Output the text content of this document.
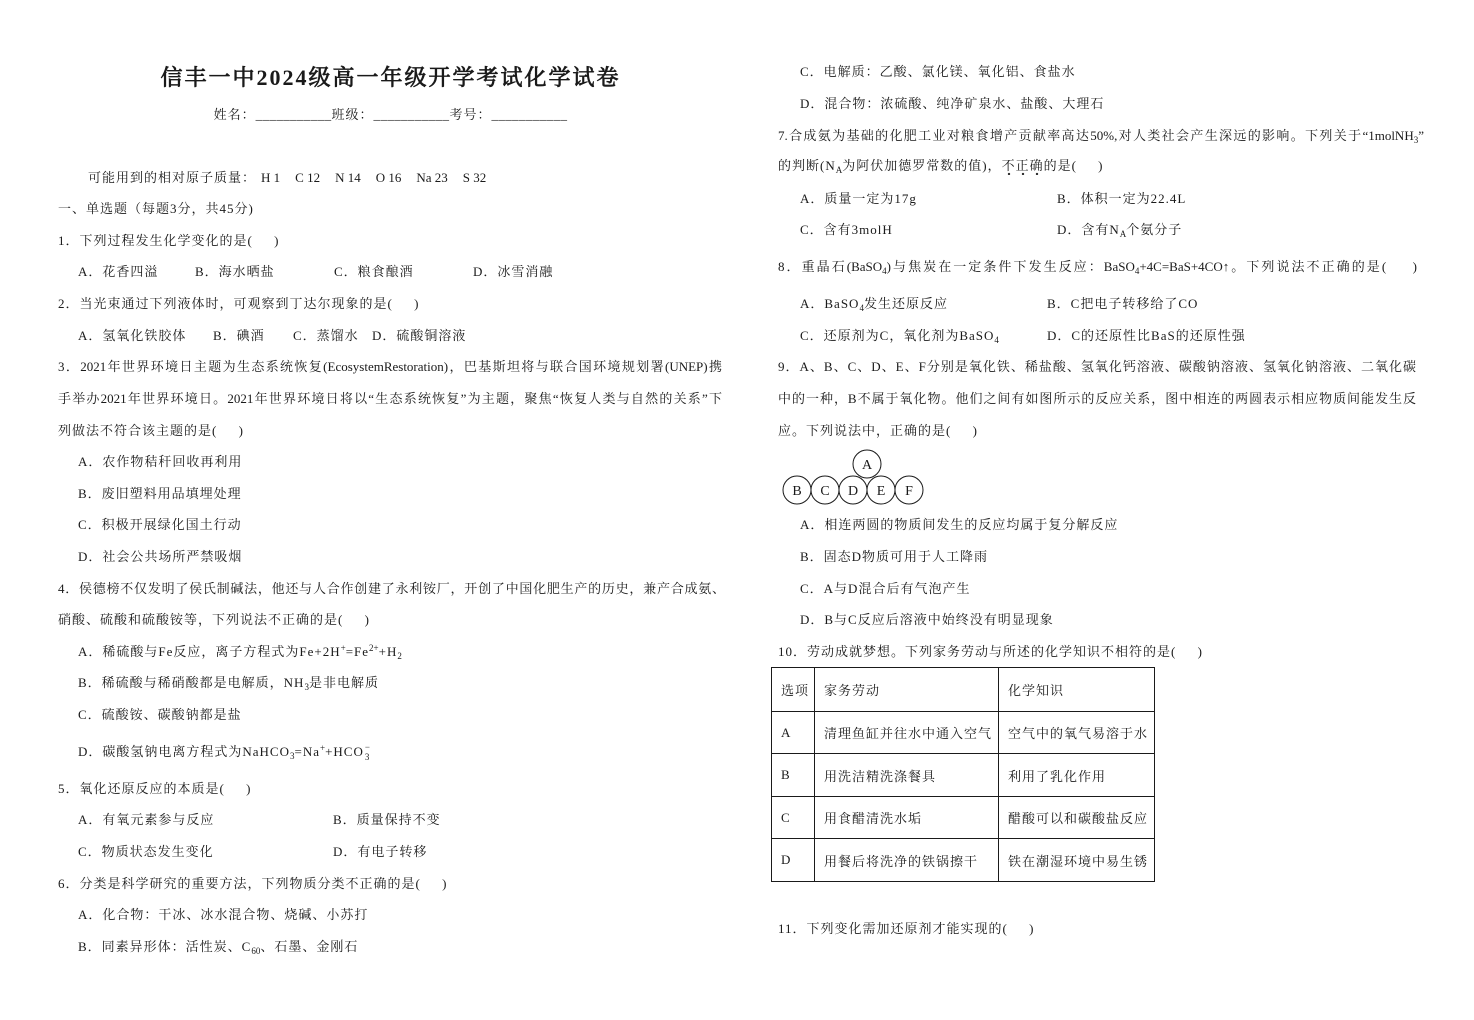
信丰一中2024级高一年级开学考试化学试卷
姓名：___________班级：___________考号：___________
可能用到的相对原子质量： H 1 C 12 N 14 O 16 Na 23 S 32
一、单选题（每题3分，共45分)
1．下列过程发生化学变化的是(     )
A．花香四溢	B．海水晒盐	C．粮食酿酒	D．冰雪消融
2．当光束通过下列液体时，可观察到丁达尔现象的是(     )
A．氢氧化铁胶体 B．碘酒 C．蒸馏水 D．硫酸铜溶液
3．2021年世界环境日主题为生态系统恢复(EcosystemRestoration)，巴基斯坦将与联合国环境规划署(UNEP)携
手举办2021年世界环境日。2021年世界环境日将以“生态系统恢复”为主题，聚焦“恢复人类与自然的关系”下
列做法不符合该主题的是(     )
A．农作物秸秆回收再利用
B．废旧塑料用品填埋处理
C．积极开展绿化国土行动
D．社会公共场所严禁吸烟
4．侯德榜不仅发明了侯氏制碱法，他还与人合作创建了永利铵厂，开创了中国化肥生产的历史，兼产合成氨、
硝酸、硫酸和硫酸铵等，下列说法不正确的是(     )
A．稀硫酸与Fe反应，离子方程式为$Fe+2H^+=Fe^{2+}+H_2$
B．稀硫酸与稀硝酸都是电解质，$NH_3$是非电解质
C．硫酸铵、碳酸钠都是盐
D．碳酸氢钠电离方程式为NaHCO$_3$=Na++HCO 3
−
5．氧化还原反应的本质是(     )
A．有氧元素参与反应	B．质量保持不变
C．物质状态发生变化	D．有电子转移
6．分类是科学研究的重要方法，下列物质分类不正确的是(     )
A．化合物：干冰、冰水混合物、烧碱、小苏打
B．同素异形体：活性炭、$C_{60}$、石墨、金刚石
C．电解质：乙酸、氯化镁、氧化铝、食盐水
D．混合物：浓硫酸、纯净矿泉水、盐酸、大理石
7.合成氨为基础的化肥工业对粮食增产贡献率高达50%,对人类社会产生深远的影响。下列关于“1molNH$_3$”
的判断($N_A$为阿伏加德罗常数的值)，不正确的是(     )
A．质量一定为17g	B．体积一定为22.4L
C．含有3molH	D．含有$N_A$个氨分子
8．重晶石(BaSO$_4$)与焦炭在一定条件下发生反应：BaSO$_4$+4C=BaS+4CO↑。下列说法不正确的是(     )
A．BaSO$_4$发生还原反应	B．C把电子转移给了CO
C．还原剂为C，氧化剂为BaSO$_4$	D．C的还原性比BaS的还原性强
9．A、B、C、D、E、F分别是氧化铁、稀盐酸、氢氧化钙溶液、碳酸钠溶液、氢氧化钠溶液、二氧化碳
中的一种，B不属于氧化物。他们之间有如图所示的反应关系，图中相连的两圆表示相应物质间能发生反
应。下列说法中，正确的是(     )
B C D E F
A
A．相连两圆的物质间发生的反应均属于复分解反应
B．固态D物质可用于人工降雨
C．A与D混合后有气泡产生
D．B与C反应后溶液中始终没有明显现象
10．劳动成就梦想。下列家务劳动与所述的化学知识不相符的是(     )
选项	家务劳动	化学知识
A	清理鱼缸并往水中通入空气	空气中的氧气易溶于水
B	用洗洁精洗涤餐具	利用了乳化作用
C	用食醋清洗水垢	醋酸可以和碳酸盐反应
D	用餐后将洗净的铁锅擦干	铁在潮湿环境中易生锈
11．下列变化需加还原剂才能实现的(     )
